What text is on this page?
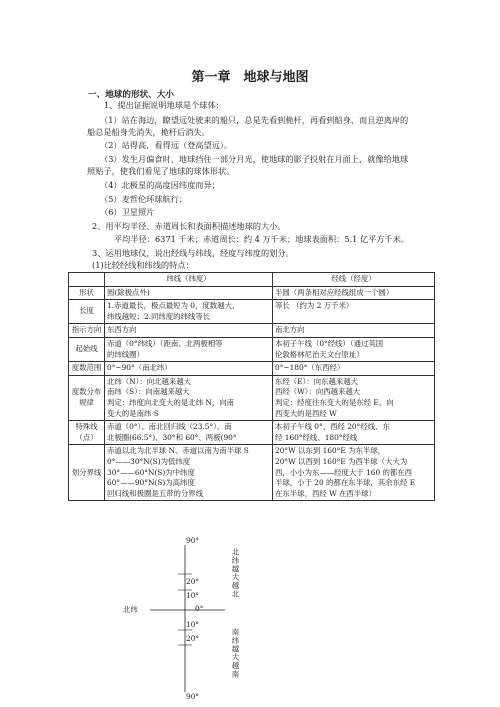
第一章　地球与地图
一、地球的形状、大小
1、提出证据说明地球是个球体：
（1）站在海边，瞭望远处驶来的船只，总是先看到桅杆，再看到船身，而且逆离岸的
船总是船身先消失，桅杆后消失。
（2）站得高，看得远（登高望远）。
（3）发生月偏食时，地球挡住一部分月光，使地球的影子投射在月面上，就像给地球
照贴子，使我们看见了地球的球体形状。
（4）北极星的高度因纬度而异；
（5）麦哲伦环球航行；
（6）卫星照片
2、用平均半径、赤道周长和表面积描述地球的大小。
平均半径：6371 千米；赤道周长：约 4 万千米；地球表面积：5.1 亿平方千米。
3、运用地球仪，说出经线与纬线，经度与纬度的划分。
(1)比较经线和纬线的特点：
	纬线（纬度）	经线（经度）
形状	圆(除极点外)	半圆（两条相对应经线组成一个圆）

长度	1.赤道最长，极点最短为 0，度数越大，
纬线越短；2.同纬度的纬线等长	等长 （约为 2 万千米）

指示方向	东西方向	南北方向

起始线	赤道（0°纬线）（距南、北两极相等
的纬线圈）	本初子午线（0°经线）（通过英国
伦敦格林尼治天文台原址）

度数范围	0°~90°（南北纬）	0°~180°（东西经）

度数分布规律	北纬（N）：向北越来越大
南纬（S）：向南越来越大
判定：纬度向北变大的是北纬 N，向南
变大的是南纬 S	东经（E）：向东越来越大
西经（W）：向西越来越大
判定：经度往东变大的是东经 E，向
西变大的是西经 W

特殊线（点）	赤道（0°）、南北回归线（23.5°）、南
北极圈(66.5°)、30°和 60°、两极(90°	本初子午线 0°、西经 20°经线、东
经 160°经线、180°经线

划分界线	赤道以北为北半球 N、赤道以南为南半球 S
0°——30°N(S)为低纬度
30°——60°N(S)为中纬度
60°——90°N(S)为高纬度
回归线和极圈是五带的分界线	20°W 以东到 160°E 为东半球，
20°W 以西到 160°E 为西半球（大大为
西，小小为东——经度大于 160 的都在西
半球，小于 20 的都在东半球，其余东经 E
在东半球，西经 W 在西半球）
90°
20°
10°
0°
10°
20°
90°
北纬
北纬越大越北
南纬越大越南
